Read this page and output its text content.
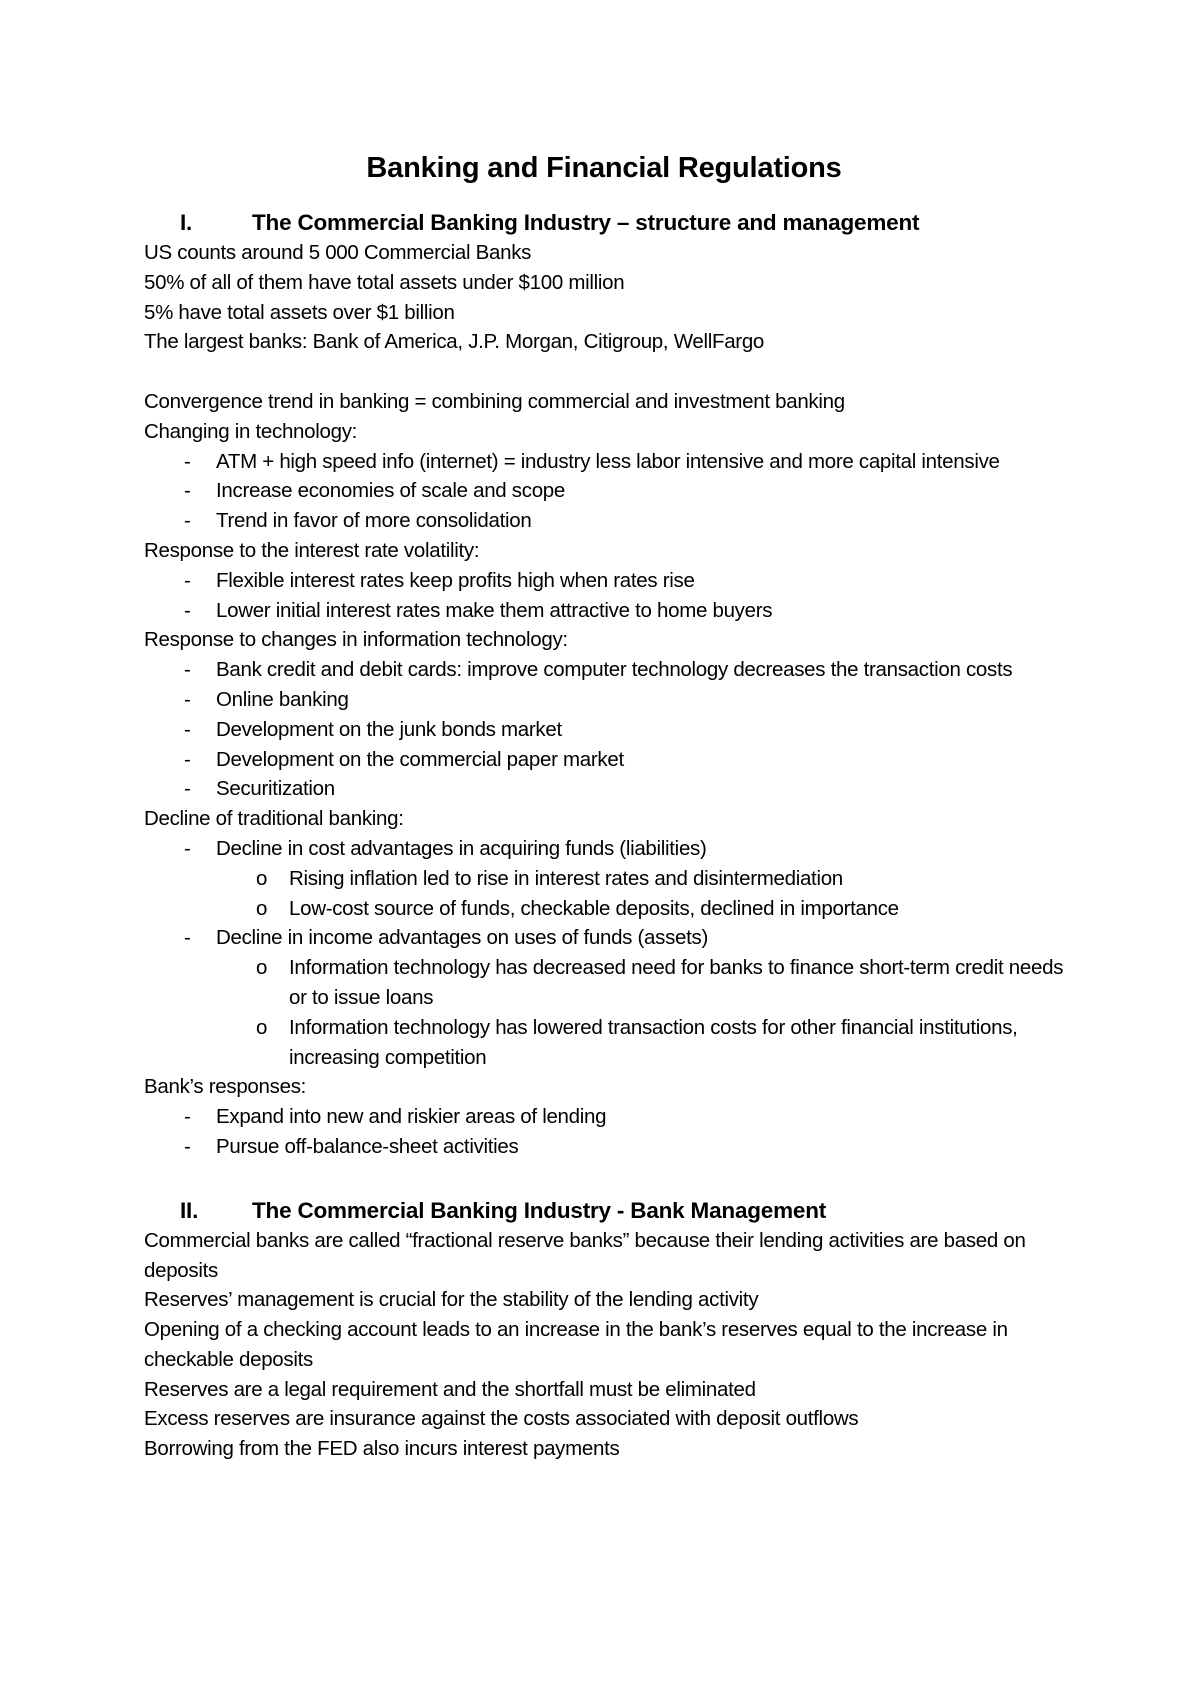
Banking and Financial Regulations
I.	The Commercial Banking Industry – structure and management

US counts around 5 000 Commercial Banks

50% of all of them have total assets under $100 million

5% have total assets over $1 billion

The largest banks: Bank of America, J.P. Morgan, Citigroup, WellFargo

Convergence trend in banking = combining commercial and investment banking

Changing in technology:

-	ATM + high speed info (internet) = industry less labor intensive and more capital intensive
-	Increase economies of scale and scope
-	Trend in favor of more consolidation

Response to the interest rate volatility:

-	Flexible interest rates keep profits high when rates rise
-	Lower initial interest rates make them attractive to home buyers

Response to changes in information technology:

-	Bank credit and debit cards: improve computer technology decreases the transaction costs
-	Online banking
-	Development on the junk bonds market
-	Development on the commercial paper market
-	Securitization

Decline of traditional banking:

-	Decline in cost advantages in acquiring funds (liabilities)
o	Rising inflation led to rise in interest rates and disintermediation
o	Low-cost source of funds, checkable deposits, declined in importance
-	Decline in income advantages on uses of funds (assets)
o	Information technology has decreased need for banks to finance short-term credit needs or to issue loans
o	Information technology has lowered transaction costs for other financial institutions, increasing competition

Bank’s responses:

-	Expand into new and riskier areas of lending
-	Pursue off-balance-sheet activities
II.	The Commercial Banking Industry - Bank Management

Commercial banks are called “fractional reserve banks” because their lending activities are based on deposits

Reserves’ management is crucial for the stability of the lending activity

Opening of a checking account leads to an increase in the bank’s reserves equal to the increase in checkable deposits

Reserves are a legal requirement and the shortfall must be eliminated

Excess reserves are insurance against the costs associated with deposit outflows

Borrowing from the FED also incurs interest payments
